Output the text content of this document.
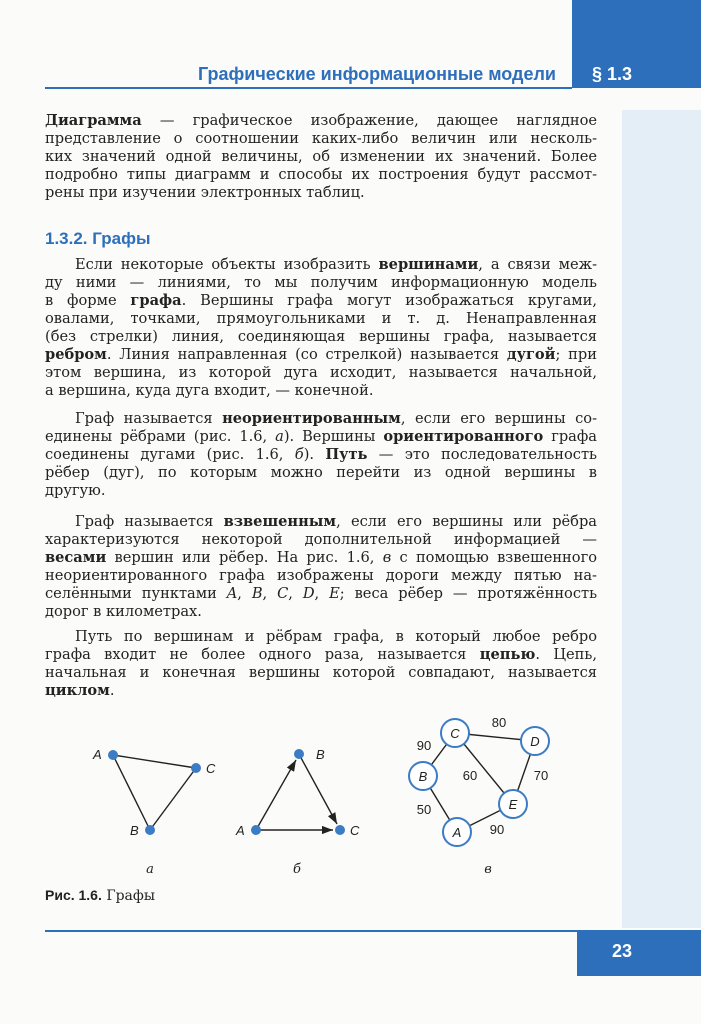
§ 1.3
Графические информационные модели
Диаграмма — графическое изображение, дающее наглядное
представление о соотношении каких-либо величин или несколь-
ких значений одной величины, об изменении их значений. Более
подробно типы диаграмм и способы их построения будут рассмот-
рены при изучении электронных таблиц.
Если некоторые объекты изобразить вершинами, а связи меж-
ду ними — линиями, то мы получим информационную модель
в форме графа. Вершины графа могут изображаться кругами,
овалами, точками, прямоугольниками и т. д. Ненаправленная
(без стрелки) линия, соединяющая вершины графа, называется
ребром. Линия направленная (со стрелкой) называется дугой; при
этом вершина, из которой дуга исходит, называется начальной,
а вершина, куда дуга входит, — конечной.
Граф называется неориентированным, если его вершины со-
единены рёбрами (рис. 1.6, а). Вершины ориентированного графа
соединены дугами (рис. 1.6, б). Путь — это последовательность
рёбер (дуг), по которым можно перейти из одной вершины в
другую.
Граф называется взвешенным, если его вершины или рёбра
характеризуются некоторой дополнительной информацией —
весами вершин или рёбер. На рис. 1.6, в с помощью взвешенного
неориентированного графа изображены дороги между пятью на-
селёнными пунктами A, B, C, D, E; веса рёбер — протяжённость
дорог в километрах.
Путь по вершинам и рёбрам графа, в который любое ребро
графа входит не более одного раза, называется цепью. Цепь,
начальная и конечная вершины которой совпадают, называется
циклом.
1.3.2. Графы
A
B
C
A
B
C	A
B
C
D
E
90
80
60	70
50
90
а	б	в
Рис. 1.6. Графы
23
